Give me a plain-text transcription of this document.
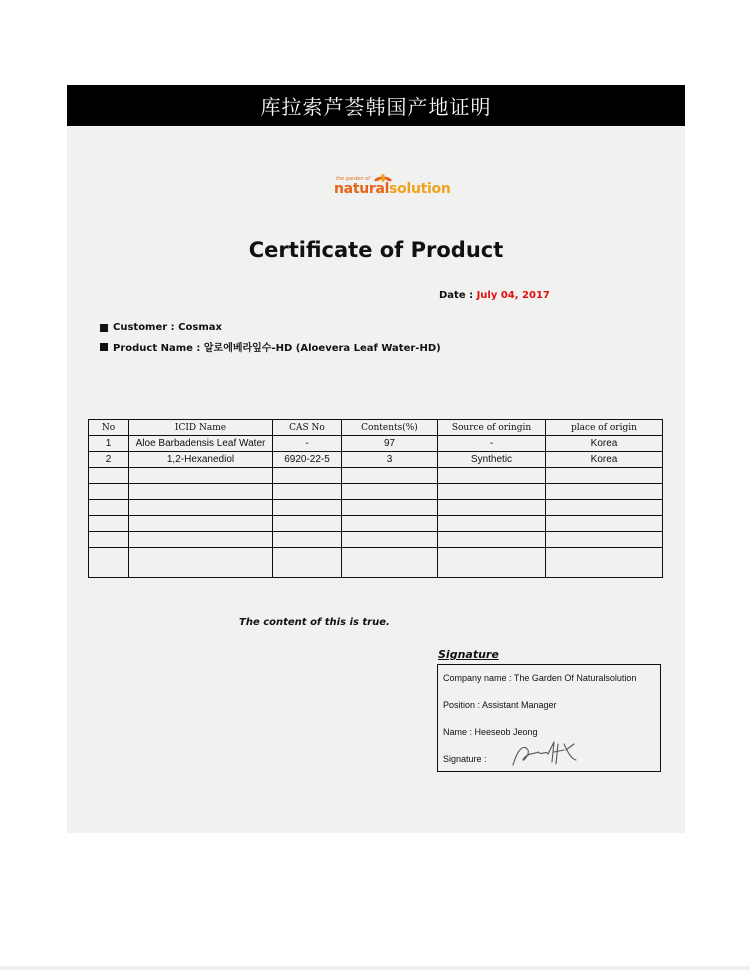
库拉索芦荟韩国产地证明
the garden of
naturalsolution
Certificate of Product
Date : July 04, 2017
Customer : Cosmax
Product Name : 알로에베라잎수-HD (Aloevera Leaf Water-HD)
No	ICID Name	CAS No	Contents(%)	Source of oringin	place of origin
1	Aloe Barbadensis Leaf Water	-	97	-	Korea
2	1,2-Hexanediol	6920-22-5	3	Synthetic	Korea

The content of this is true.
Signature
Company name : The Garden Of Naturalsolution
Position : Assistant Manager
Name : Heeseob Jeong
Signature :
